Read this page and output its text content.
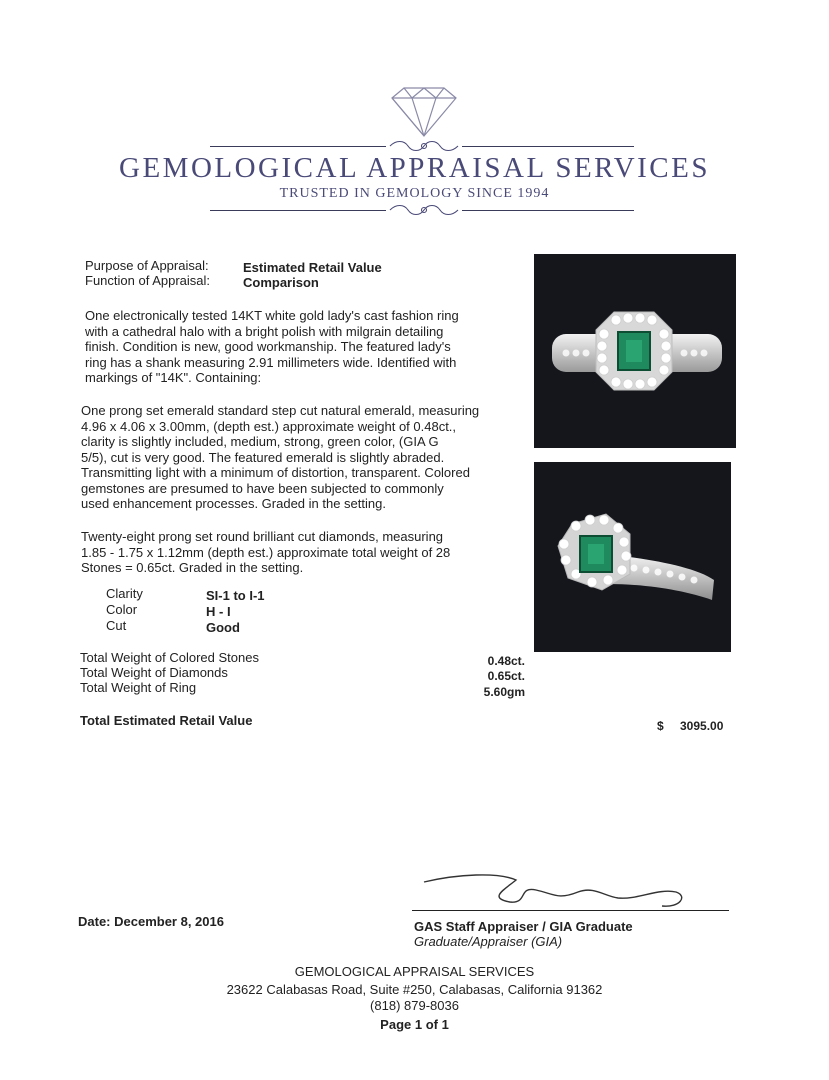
GEMOLOGICAL APPRAISAL SERVICES
TRUSTED IN GEMOLOGY SINCE 1994
Purpose of Appraisal:	Estimated Retail Value
Function of Appraisal:	Comparison
One electronically tested 14KT white gold lady's cast fashion ring
with a cathedral halo with a bright polish with milgrain detailing
finish. Condition is new, good workmanship. The featured lady's
ring has a shank measuring 2.91 millimeters wide. Identified with
markings of "14K". Containing:
One prong set emerald standard step cut natural emerald, measuring
4.96 x 4.06 x 3.00mm, (depth est.) approximate weight of 0.48ct.,
clarity is slightly included, medium, strong, green color, (GIA G
5/5), cut is very good. The featured emerald is slightly abraded.
Transmitting light with a minimum of distortion, transparent. Colored
gemstones are presumed to have been subjected to commonly
used enhancement processes. Graded in the setting.
Twenty-eight prong set round brilliant cut diamonds, measuring
1.85 - 1.75 x 1.12mm (depth est.) approximate total weight of 28
Stones = 0.65ct. Graded in the setting.
Clarity	SI-1 to I-1
Color	H - I
Cut	Good
Total Weight of Colored Stones	0.48ct.
Total Weight of Diamonds	0.65ct.
Total Weight of Ring	5.60gm
Total Estimated Retail Value	$ 3095.00
Date: December 8, 2016	GAS Staff Appraiser / GIA Graduate
Graduate/Appraiser (GIA)
GEMOLOGICAL APPRAISAL SERVICES
23622 Calabasas Road, Suite #250, Calabasas, California 91362
(818) 879-8036
Page 1 of 1
